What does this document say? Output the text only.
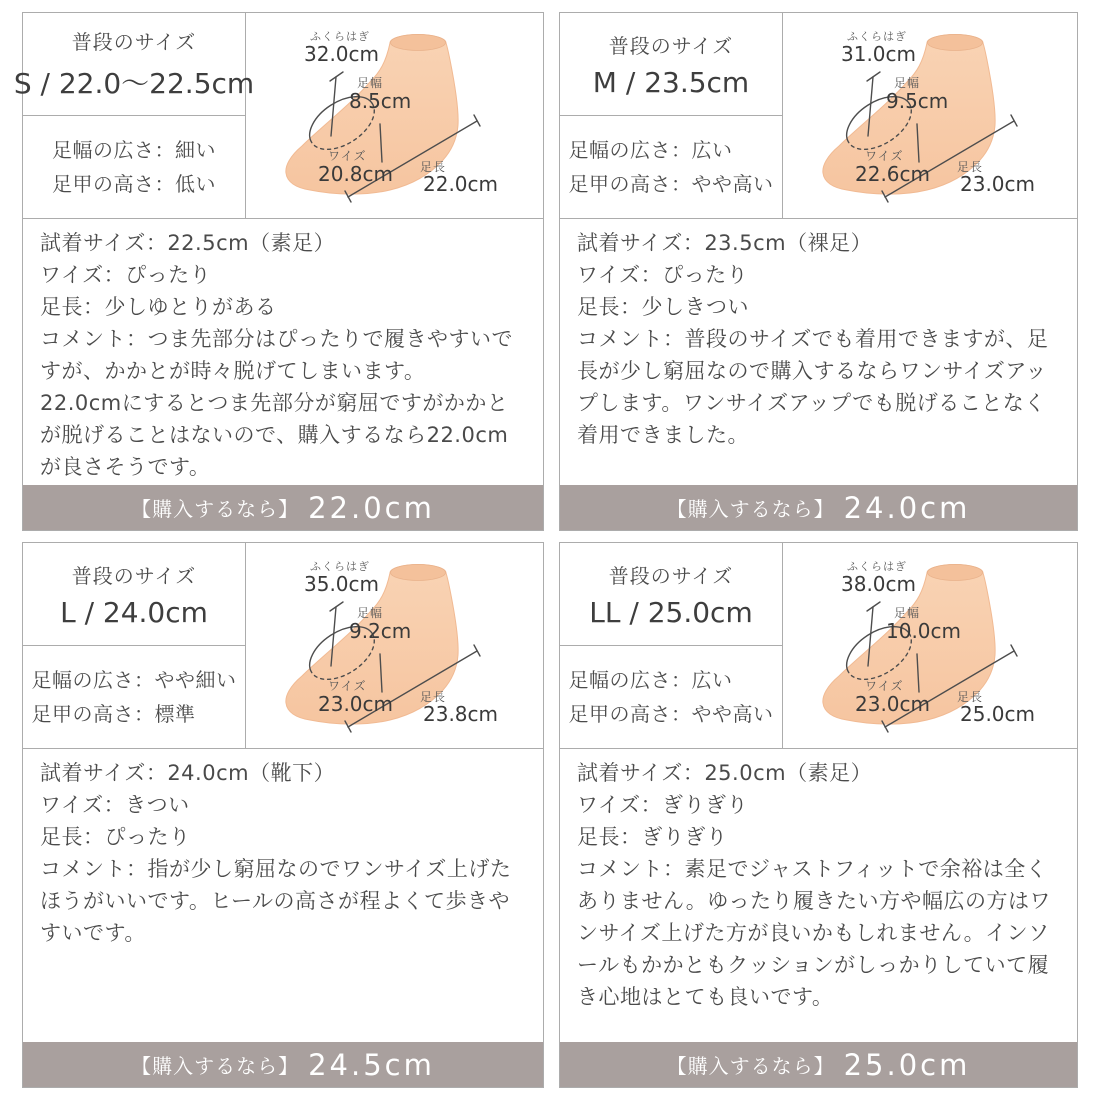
普段のサイズ
S / 22.0〜22.5cm
足幅の広さ：細い
足甲の高さ：低い
ふくらはぎ
32.0cm
足幅
8.5cm
ワイズ
20.8cm 足長
22.0cm

試着サイズ：22.5cm（素足）

ワイズ：ぴったり

足長：少しゆとりがある

コメント：つま先部分はぴったりで履きやすいですが、かかとが時々脱げてしまいます。

22.0cmにするとつま先部分が窮屈ですがかかとが脱げることはないので、購入するなら22.0cmが良さそうです。

【購入するなら】 22.0cm
普段のサイズ
M / 23.5cm
足幅の広さ：広い
足甲の高さ：やや高い
ふくらはぎ
31.0cm
足幅
9.5cm
ワイズ
22.6cm 足長
23.0cm

試着サイズ：23.5cm（裸足）

ワイズ：ぴったり

足長：少しきつい

コメント：普段のサイズでも着用できますが、足長が少し窮屈なので購入するならワンサイズアップします。ワンサイズアップでも脱げることなく着用できました。

【購入するなら】 24.0cm
普段のサイズ
L / 24.0cm
足幅の広さ：やや細い
足甲の高さ：標準
ふくらはぎ
35.0cm
足幅
9.2cm
ワイズ
23.0cm 足長
23.8cm

試着サイズ：24.0cm（靴下）

ワイズ：きつい

足長：ぴったり

コメント：指が少し窮屈なのでワンサイズ上げたほうがいいです。ヒールの高さが程よくて歩きやすいです。

【購入するなら】 24.5cm
普段のサイズ
LL / 25.0cm
足幅の広さ：広い
足甲の高さ：やや高い
ふくらはぎ
38.0cm
足幅
10.0cm
ワイズ
23.0cm 足長
25.0cm

試着サイズ：25.0cm（素足）

ワイズ：ぎりぎり

足長：ぎりぎり

コメント：素足でジャストフィットで余裕は全くありません。ゆったり履きたい方や幅広の方はワンサイズ上げた方が良いかもしれません。インソールもかかともクッションがしっかりしていて履き心地はとても良いです。

【購入するなら】 25.0cm
